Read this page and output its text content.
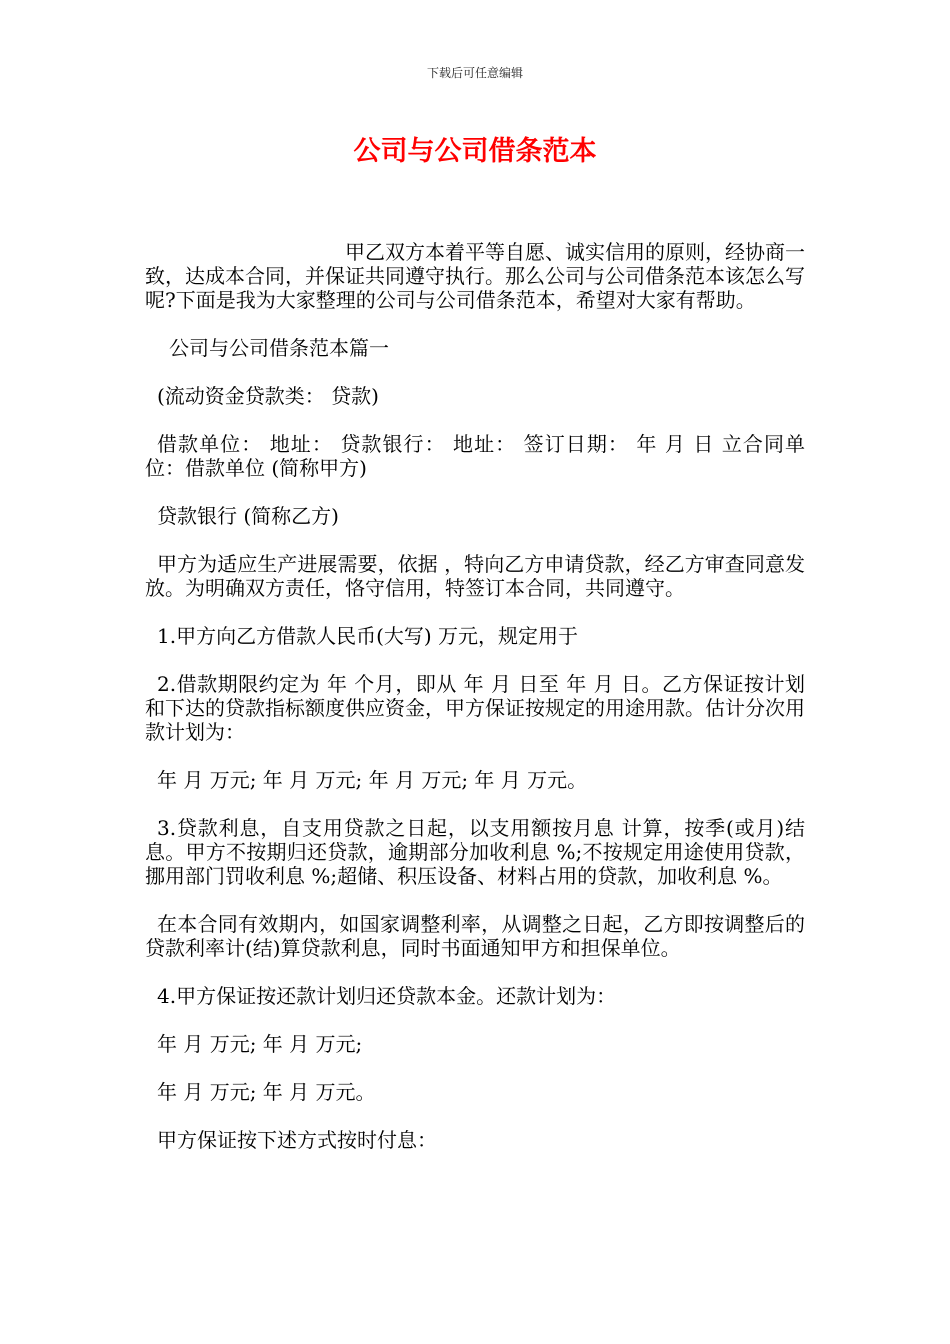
下载后可任意编辑
公司与公司借条范本

甲乙双方本着平等自愿、诚实信用的原则，经协商一致，达成本合同，并保证共同遵守执行。那么公司与公司借条范本该怎么写呢?下面是我为大家整理的公司与公司借条范本，希望对大家有帮助。

公司与公司借条范本篇一

(流动资金贷款类： 贷款)

借款单位： 地址： 贷款银行： 地址： 签订日期： 年 月 日 立合同单位：借款单位 (简称甲方)

贷款银行 (简称乙方)

甲方为适应生产进展需要，依据 ，特向乙方申请贷款，经乙方审查同意发放。为明确双方责任，恪守信用，特签订本合同，共同遵守。

1.甲方向乙方借款人民币(大写) 万元，规定用于

2.借款期限约定为 年 个月，即从 年 月 日至 年 月 日。乙方保证按计划和下达的贷款指标额度供应资金，甲方保证按规定的用途用款。估计分次用款计划为：

年 月 万元; 年 月 万元; 年 月 万元; 年 月 万元。

3.贷款利息，自支用贷款之日起，以支用额按月息 计算，按季(或月)结息。甲方不按期归还贷款，逾期部分加收利息 %;不按规定用途使用贷款，挪用部门罚收利息 %;超储、积压设备、材料占用的贷款，加收利息 %。

在本合同有效期内，如国家调整利率，从调整之日起，乙方即按调整后的贷款利率计(结)算贷款利息，同时书面通知甲方和担保单位。

4.甲方保证按还款计划归还贷款本金。还款计划为：

年 月 万元; 年 月 万元;

年 月 万元; 年 月 万元。

甲方保证按下述方式按时付息：
